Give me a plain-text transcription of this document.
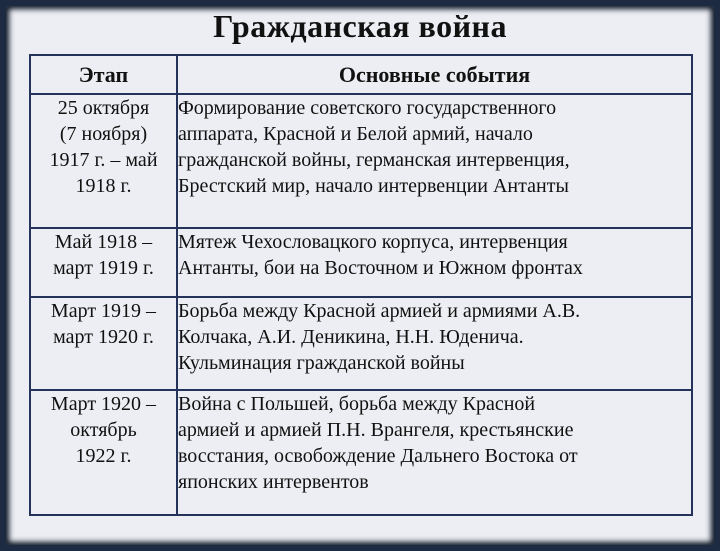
Гражданская война
Этап	Основные события

25 октября
(7 ноября)
1917 г. – май
1918 г.	Формирование советского государственного
аппарата, Красной и Белой армий, начало
гражданской войны, германская интервенция,
Брестский мир, начало интервенции Антанты

Май 1918 –
март 1919 г.	Мятеж Чехословацкого корпуса, интервенция
Антанты, бои на Восточном и Южном фронтах

Март 1919 –
март 1920 г.	Борьба между Красной армией и армиями А.В.
Колчака, А.И. Деникина, Н.Н. Юденича.
Кульминация гражданской войны

Март 1920 –
октябрь
1922 г.	Война с Польшей, борьба между Красной
армией и армией П.Н. Врангеля, крестьянские
восстания, освобождение Дальнего Востока от
японских интервентов
